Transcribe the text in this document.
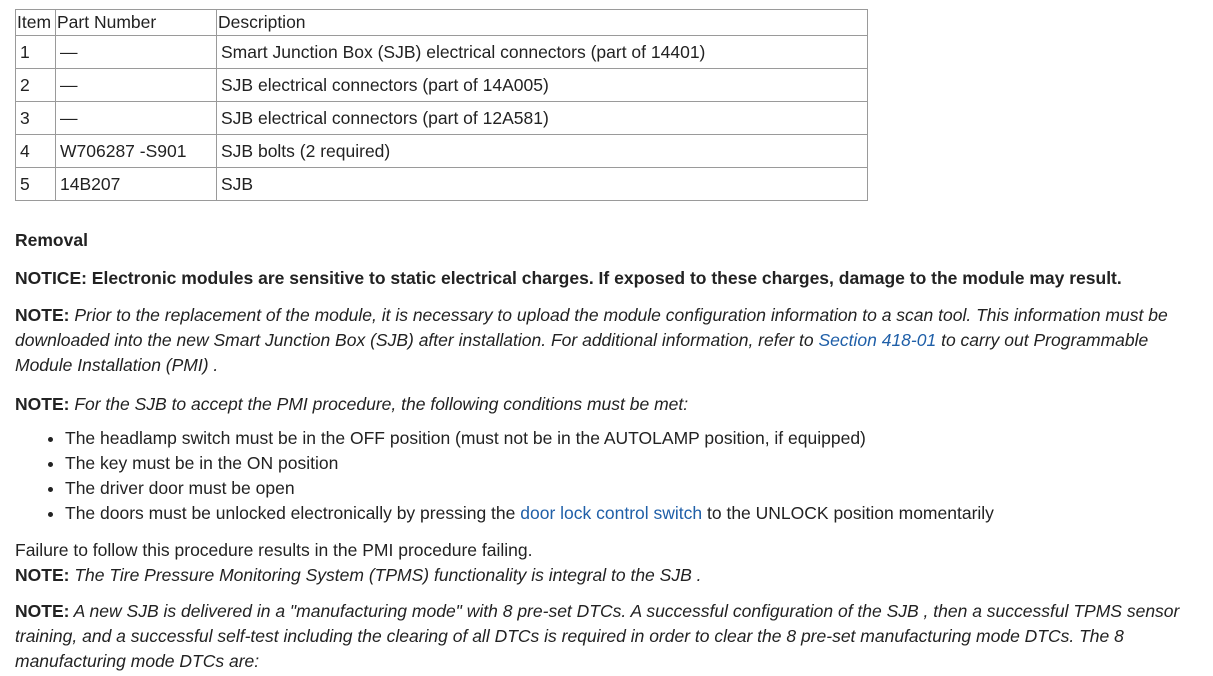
Item	Part Number	Description
1	—	Smart Junction Box (SJB) electrical connectors (part of 14401)
2	—	SJB electrical connectors (part of 14A005)
3	—	SJB electrical connectors (part of 12A581)
4	W706287 -S901	SJB bolts (2 required)
5	14B207	SJB

Removal

NOTICE: Electronic modules are sensitive to static electrical charges. If exposed to these charges, damage to the module may result.

NOTE: Prior to the replacement of the module, it is necessary to upload the module configuration information to a scan tool. This information must be downloaded into the new Smart Junction Box (SJB) after installation. For additional information, refer to Section 418-01 to carry out Programmable Module Installation (PMI) .

NOTE: For the SJB to accept the PMI procedure, the following conditions must be met:

• The headlamp switch must be in the OFF position (must not be in the AUTOLAMP position, if equipped)
• The key must be in the ON position
• The driver door must be open
• The doors must be unlocked electronically by pressing the door lock control switch to the UNLOCK position momentarily

Failure to follow this procedure results in the PMI procedure failing.

NOTE: The Tire Pressure Monitoring System (TPMS) functionality is integral to the SJB .

NOTE: A new SJB is delivered in a "manufacturing mode" with 8 pre-set DTCs. A successful configuration of the SJB , then a successful TPMS sensor training, and a successful self-test including the clearing of all DTCs is required in order to clear the 8 pre-set manufacturing mode DTCs. The 8 manufacturing mode DTCs are:
